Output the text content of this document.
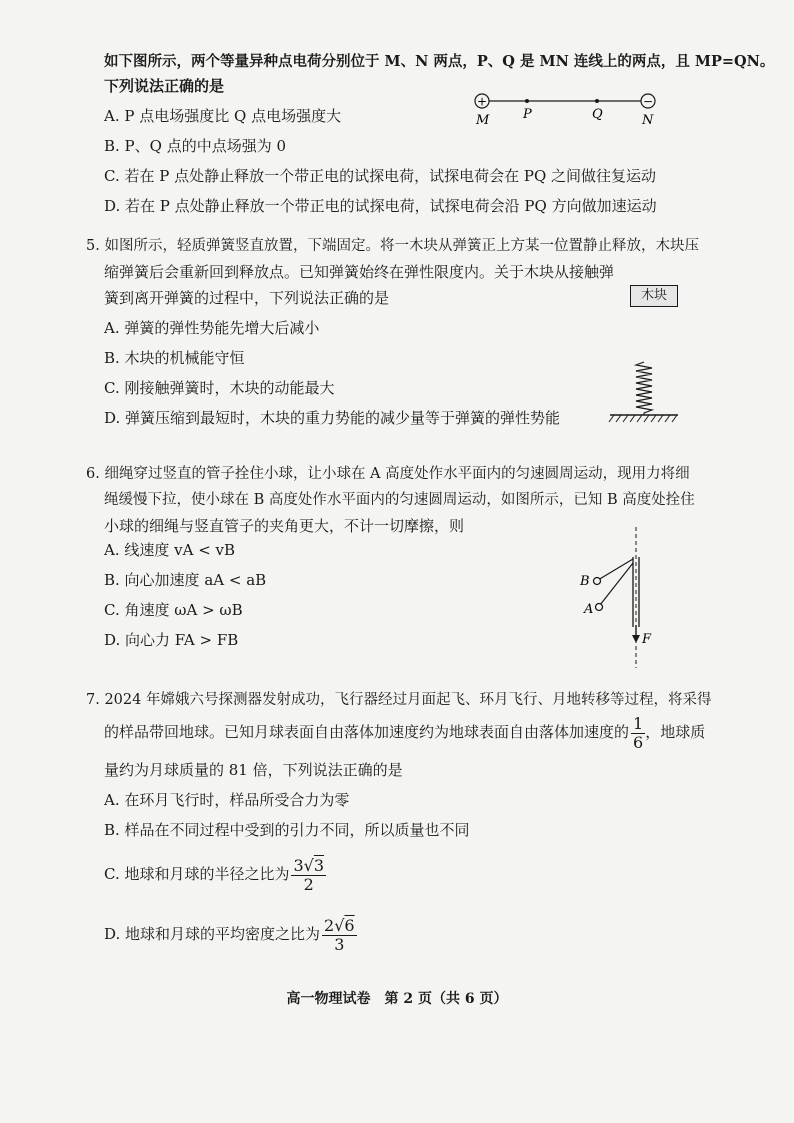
如下图所示，两个等量异种点电荷分别位于 M、N 两点，P、Q 是 MN 连线上的两点，且 MP=QN。
下列说法正确的是
A. P 点电场强度比 Q 点电场强度大
B. P、Q 点的中点场强为 0
C. 若在 P 点处静止释放一个带正电的试探电荷，试探电荷会在 PQ 之间做往复运动
D. 若在 P 点处静止释放一个带正电的试探电荷，试探电荷会沿 PQ 方向做加速运动
+	−
M	P	Q	N
5. 如图所示，轻质弹簧竖直放置，下端固定。将一木块从弹簧正上方某一位置静止释放，木块压
缩弹簧后会重新回到释放点。已知弹簧始终在弹性限度内。关于木块从接触弹
簧到离开弹簧的过程中，下列说法正确的是
A. 弹簧的弹性势能先增大后减小
B. 木块的机械能守恒
C. 刚接触弹簧时，木块的动能最大
D. 弹簧压缩到最短时，木块的重力势能的减少量等于弹簧的弹性势能
木块
6. 细绳穿过竖直的管子拴住小球，让小球在 A 高度处作水平面内的匀速圆周运动，现用力将细
绳缓慢下拉，使小球在 B 高度处作水平面内的匀速圆周运动，如图所示，已知 B 高度处拴住
小球的细绳与竖直管子的夹角更大，不计一切摩擦，则
A. 线速度 vA < vB
B. 向心加速度 aA < aB
C. 角速度 ωA > ωB
D. 向心力 FA > FB
B
A
F
7. 2024 年嫦娥六号探测器发射成功，飞行器经过月面起飞、环月飞行、月地转移等过程，将采得
的样品带回地球。已知月球表面自由落体加速度约为地球表面自由落体加速度的 $\frac{1}{6}$ ，地球质
量约为月球质量的 81 倍，下列说法正确的是
A. 在环月飞行时，样品所受合力为零
B. 样品在不同过程中受到的引力不同，所以质量也不同
C. 地球和月球的半径之比为 $\frac{3√3}{2}$
D. 地球和月球的平均密度之比为 $\frac{2√6}{3}$
高一物理试卷　第 2 页（共 6 页）
